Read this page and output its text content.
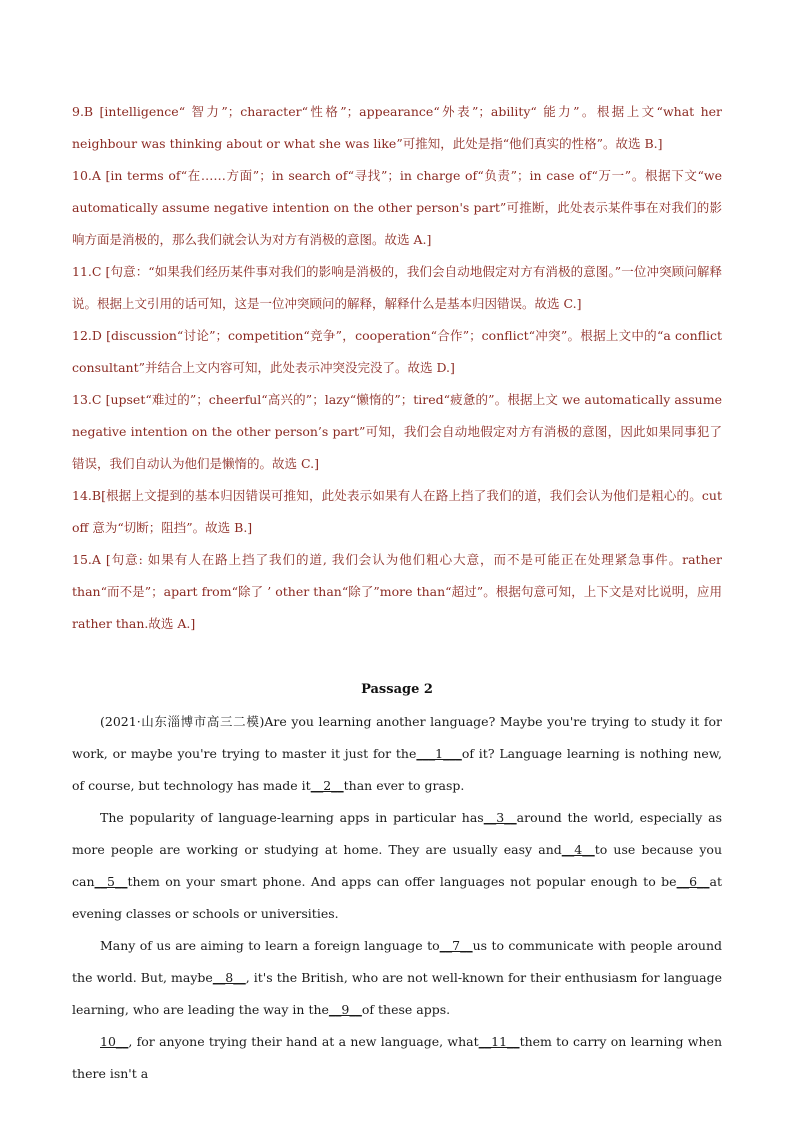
9.B [intelligence“ 智力”；character“性格”；appearance“外表”；ability“ 能力”。根据上文“what her neighbour was thinking about or what she was like”可推知，此处是指“他们真实的性格”。故选 B.]

10.A [in terms of“在……方面”；in search of“寻找”；in charge of“负责”；in case of“万一”。根据下文“we automatically assume negative intention on the other person's part”可推断，此处表示某件事在对我们的影响方面是消极的，那么我们就会认为对方有消极的意图。故选 A.]

11.C [句意：“如果我们经历某件事对我们的影响是消极的，我们会自动地假定对方有消极的意图。”一位冲突顾问解释说。根据上文引用的话可知，这是一位冲突顾问的解释，解释什么是基本归因错误。故选 C.]

12.D [discussion“讨论”；competition“竞争”，cooperation“合作”；conflict“冲突”。根据上文中的“a conflict consultant”并结合上文内容可知，此处表示冲突没完没了。故选 D.]

13.C [upset“难过的”；cheerful“高兴的”；lazy“懒惰的”；tired“疲惫的”。根据上文 we automatically assume negative intention on the other person’s part”可知，我们会自动地假定对方有消极的意图，因此如果同事犯了错误，我们自动认为他们是懒惰的。故选 C.]

14.B[根据上文提到的基本归因错误可推知，此处表示如果有人在路上挡了我们的道，我们会认为他们是粗心的。cut off 意为“切断；阻挡”。故选 B.]

15.A [句意: 如果有人在路上挡了我们的道, 我们会认为他们粗心大意，而不是可能正在处理紧急事件。rather than“而不是”；apart from“除了 ’ other than“除了”more than“超过”。根据句意可知，上下文是对比说明，应用 rather than.故选 A.]

Passage 2

(2021·山东淄博市高三二模)Are you learning another language? Maybe you're trying to study it for work, or maybe you're trying to master it just for the___1___of it? Language learning is nothing new, of course, but technology has made it__2__than ever to grasp.

The popularity of language-learning apps in particular has__3__around the world, especially as more people are working or studying at home. They are usually easy and__4__to use because you can__5__them on your smart phone. And apps can offer languages not popular enough to be__6__at evening classes or schools or universities.

Many of us are aiming to learn a foreign language to__7__us to communicate with people around the world. But, maybe__8__, it's the British, who are not well-known for their enthusiasm for language learning, who are leading the way in the__9__of these apps.

10__, for anyone trying their hand at a new language, what__11__them to carry on learning when there isn't a
